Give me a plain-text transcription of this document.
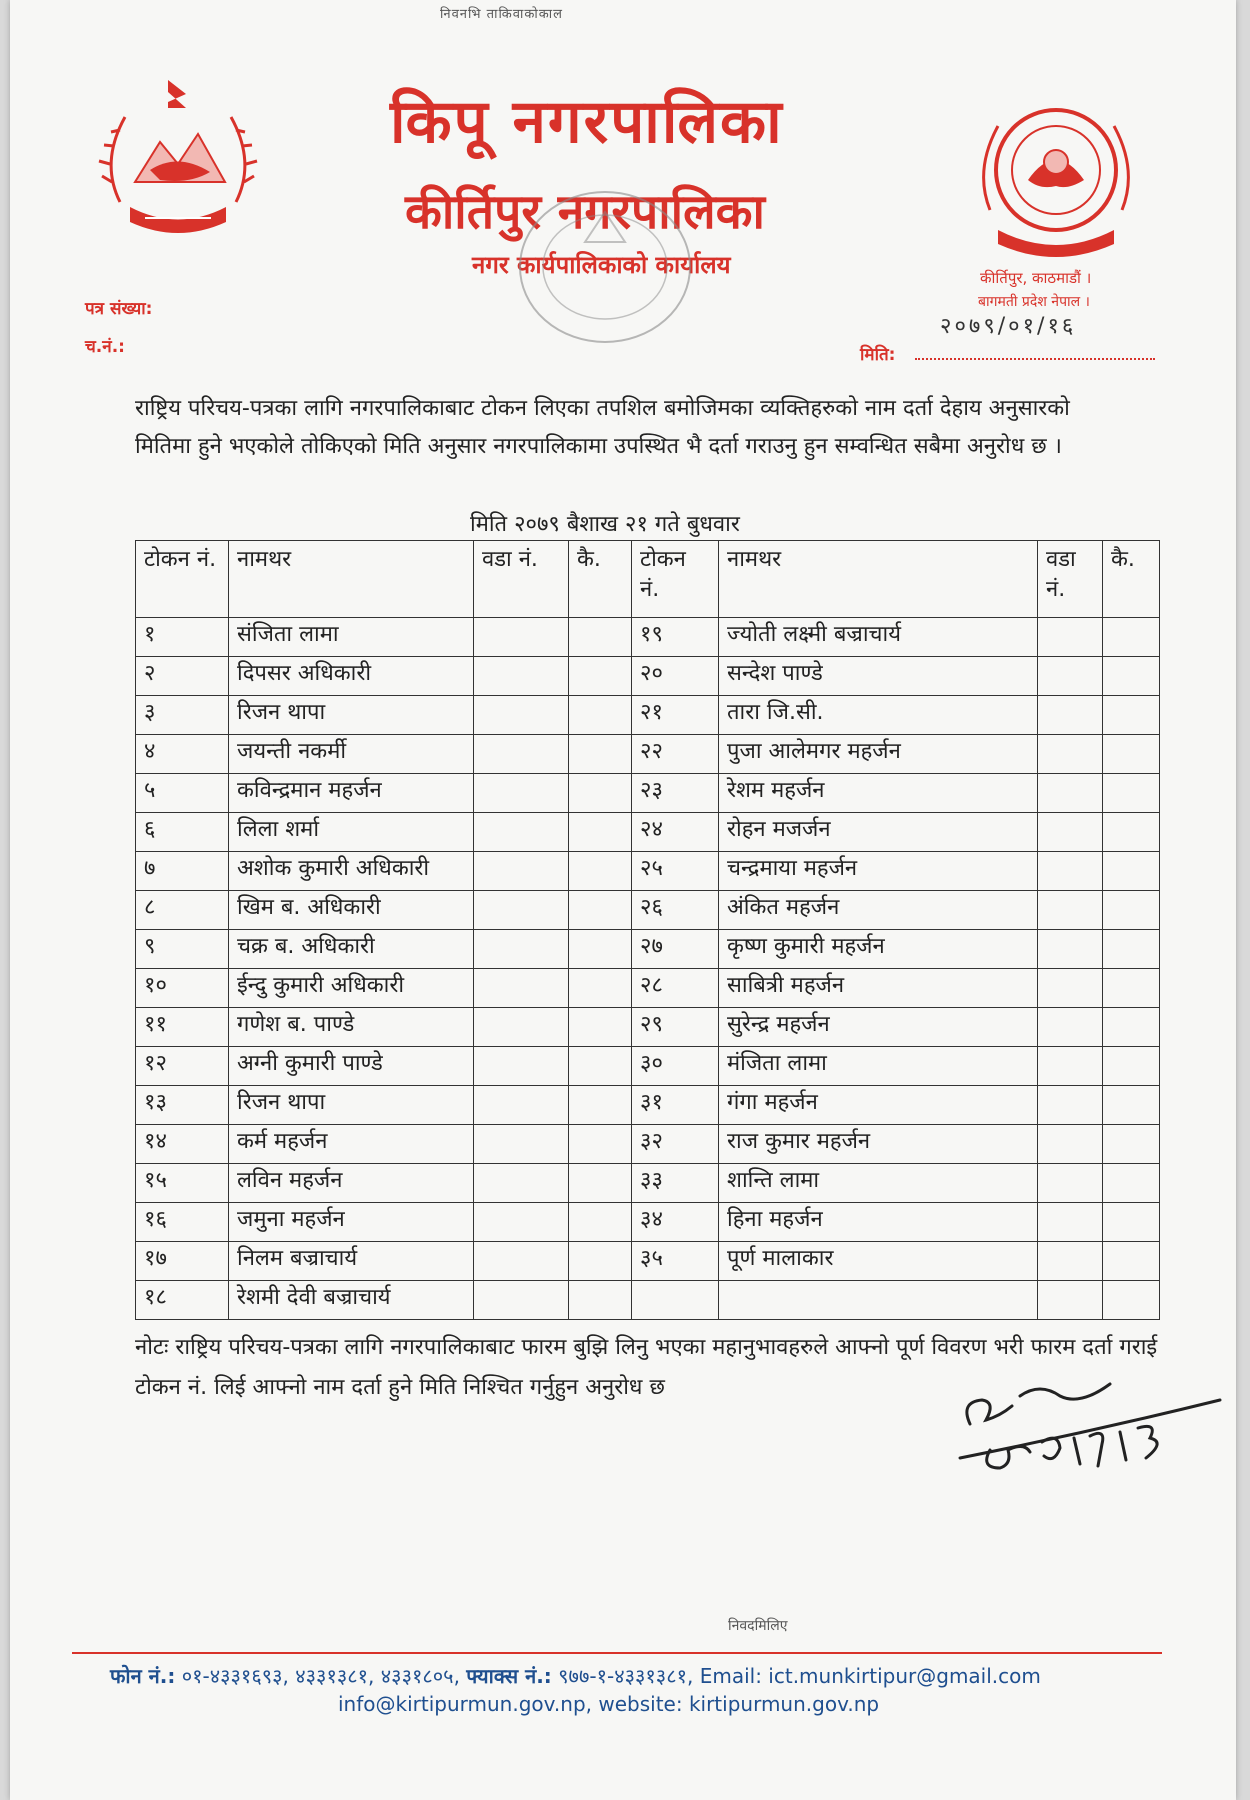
निवनभि ताकिवाकोकाल
किपू नगरपालिका
कीर्तिपुर नगरपालिका
नगर कार्यपालिकाको कार्यालय	कीर्तिपुर, काठमाडौं ।
बागमती प्रदेश नेपाल ।
२०७९/०१/१६
पत्र संख्या:
च.नं.:	मिति:
राष्ट्रिय परिचय-पत्रका लागि नगरपालिकाबाट टोकन लिएका तपशिल बमोजिमका व्यक्तिहरुको नाम दर्ता देहाय अनुसारको मितिमा हुने भएकोले तोकिएको मिति अनुसार नगरपालिकामा उपस्थित भै दर्ता गराउनु हुन सम्वन्धित सबैमा अनुरोध छ ।
मिति २०७९ बैशाख २१ गते बुधवार
टोकन नं.	नामथर	वडा नं.	कै.	टोकन नं.	नामथर	वडा नं.	कै.
१	संजिता लामा			१९	ज्योती लक्ष्मी बज्राचार्य		
२	दिपसर अधिकारी			२०	सन्देश पाण्डे		
३	रिजन थापा			२१	तारा जि.सी.		
४	जयन्ती नकर्मी			२२	पुजा आलेमगर महर्जन		
५	कविन्द्रमान महर्जन			२३	रेशम महर्जन		
६	लिला शर्मा			२४	रोहन मजर्जन		
७	अशोक कुमारी अधिकारी			२५	चन्द्रमाया महर्जन		
८	खिम ब. अधिकारी			२६	अंकित महर्जन		
९	चक्र ब. अधिकारी			२७	कृष्ण कुमारी महर्जन		
१०	ईन्दु कुमारी अधिकारी			२८	साबित्री महर्जन		
११	गणेश ब. पाण्डे			२९	सुरेन्द्र महर्जन		
१२	अग्नी कुमारी पाण्डे			३०	मंजिता लामा		
१३	रिजन थापा			३१	गंगा महर्जन		
१४	कर्म महर्जन			३२	राज कुमार महर्जन		
१५	लविन महर्जन			३३	शान्ति लामा		
१६	जमुना महर्जन			३४	हिना महर्जन		
१७	निलम बज्राचार्य			३५	पूर्ण मालाकार		
१८	रेशमी देवी बज्राचार्य						
नोटः राष्ट्रिय परिचय-पत्रका लागि नगरपालिकाबाट फारम बुझि लिनु भएका महानुभावहरुले आफ्नो पूर्ण विवरण भरी फारम दर्ता गराई टोकन नं. लिई आफ्नो नाम दर्ता हुने मिति निश्चित गर्नुहुन अनुरोध छ
निवदमिलिए
फोन नं.: ०१-४३३१६९३, ४३३१३८१, ४३३१८०५, फ्याक्स नं.: ९७७-१-४३३१३८१, Email: ict.munkirtipur@gmail.com
info@kirtipurmun.gov.np, website: kirtipurmun.gov.np
